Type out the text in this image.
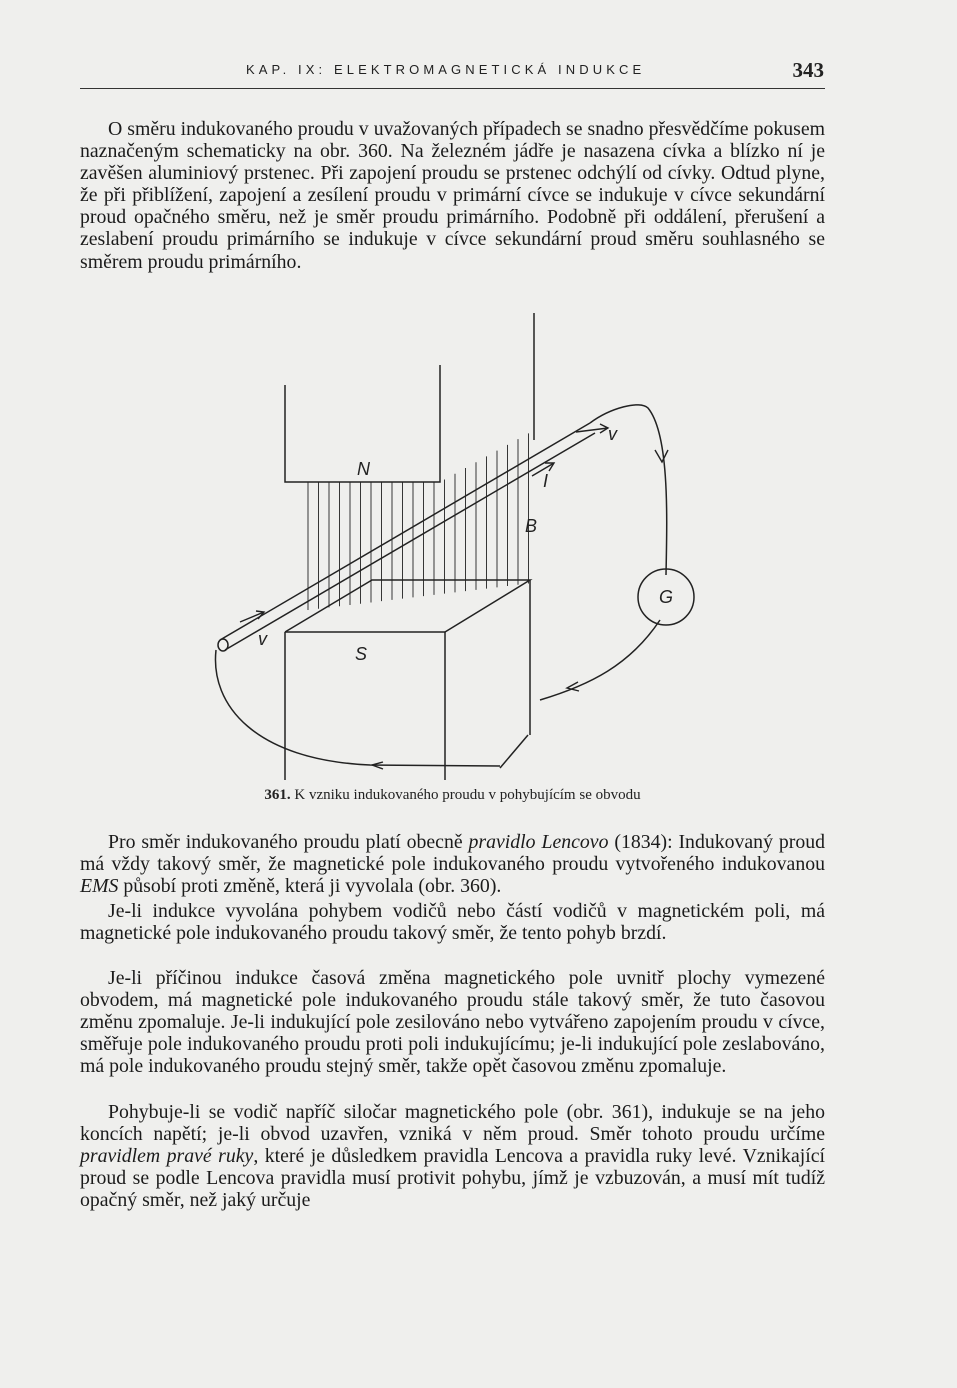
KAP. IX: ELEKTROMAGNETICKÁ INDUKCE	343

O směru indukovaného proudu v uvažovaných případech se snadno přesvědčíme pokusem naznačeným schematicky na obr. 360. Na železném jádře je nasazena cívka a blízko ní je zavěšen aluminiový prstenec. Při zapojení proudu se prstenec odchýlí od cívky. Odtud plyne, že při přiblížení, zapojení a zesílení proudu v primární cívce se indukuje v cívce sekundární proud opačného směru, než je směr proudu primárního. Podobně při oddálení, přerušení a zeslabení proudu primárního se indukuje v cívce sekundární proud směru souhlasného se směrem proudu primárního.

N
S
B
I
v
v
G
361. K vzniku indukovaného proudu v pohybujícím se obvodu

Pro směr indukovaného proudu platí obecně pravidlo Lencovo (1834): Indukovaný proud má vždy takový směr, že magnetické pole indukovaného proudu vytvořeného indukovanou EMS působí proti změně, která ji vyvolala (obr. 360).

Je-li indukce vyvolána pohybem vodičů nebo částí vodičů v magnetickém poli, má magnetické pole indukovaného proudu takový směr, že tento pohyb brzdí.

Je-li příčinou indukce časová změna magnetického pole uvnitř plochy vymezené obvodem, má magnetické pole indukovaného proudu stále takový směr, že tuto časovou změnu zpomaluje. Je-li indukující pole zesilováno nebo vytvářeno zapojením proudu v cívce, směřuje pole indukovaného proudu proti poli indukujícímu; je-li indukující pole zeslabováno, má pole indukovaného proudu stejný směr, takže opět časovou změnu zpomaluje.

Pohybuje-li se vodič napříč siločar magnetického pole (obr. 361), indukuje se na jeho koncích napětí; je-li obvod uzavřen, vzniká v něm proud. Směr tohoto proudu určíme pravidlem pravé ruky, které je důsledkem pravidla Lencova a pravidla ruky levé. Vznikající proud se podle Lencova pravidla musí protivit pohybu, jímž je vzbuzován, a musí mít tudíž opačný směr, než jaký určuje
